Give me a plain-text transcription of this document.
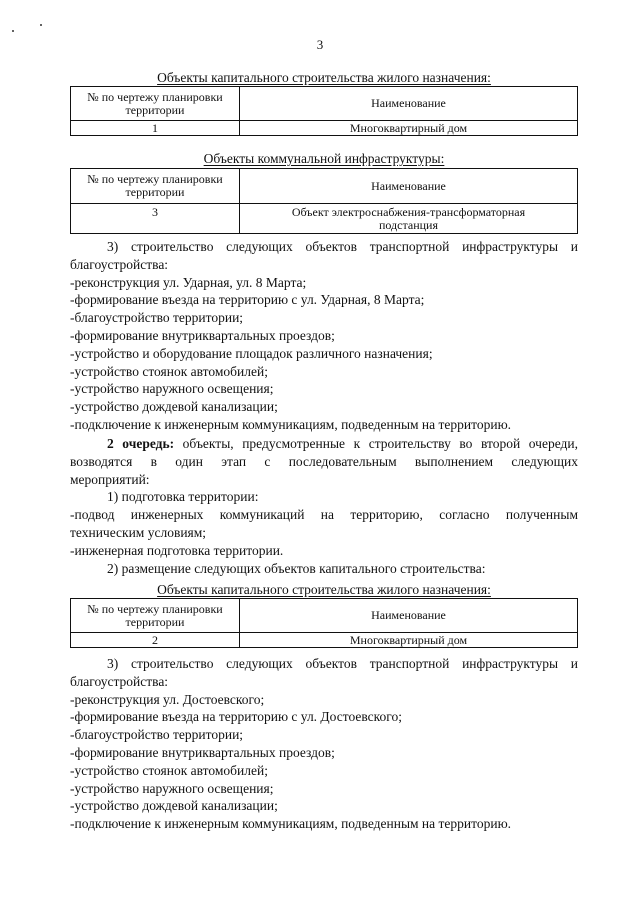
3
Объекты капитального строительства жилого назначения:
№ по чертежу планировки
территории	Наименование
1	Многоквартирный дом
Объекты коммунальной инфраструктуры:
№ по чертежу планировки
территории	Наименование
3	Объект электроснабжения-трансформаторная
подстанция

3) строительство следующих объектов транспортной инфраструктуры и

благоустройства:

-реконструкция ул. Ударная, ул. 8 Марта;

-формирование въезда на территорию с ул. Ударная, 8 Марта;

-благоустройство территории;

-формирование внутриквартальных проездов;

-устройство и оборудование площадок различного назначения;

-устройство стоянок автомобилей;

-устройство наружного освещения;

-устройство дождевой канализации;

-подключение к инженерным коммуникациям, подведенным на территорию.

2 очередь: объекты, предусмотренные к строительству во второй очереди,

возводятся в один этап с последовательным выполнением следующих

мероприятий:

1) подготовка территории:

-подвод инженерных коммуникаций на территорию, согласно полученным

техническим условиям;

-инженерная подготовка территории.

2) размещение следующих объектов капитального строительства:

Объекты капитального строительства жилого назначения:
№ по чертежу планировки
территории	Наименование
2	Многоквартирный дом

3) строительство следующих объектов транспортной инфраструктуры и

благоустройства:

-реконструкция ул. Достоевского;

-формирование въезда на территорию с ул. Достоевского;

-благоустройство территории;

-формирование внутриквартальных проездов;

-устройство стоянок автомобилей;

-устройство наружного освещения;

-устройство дождевой канализации;

-подключение к инженерным коммуникациям, подведенным на территорию.
